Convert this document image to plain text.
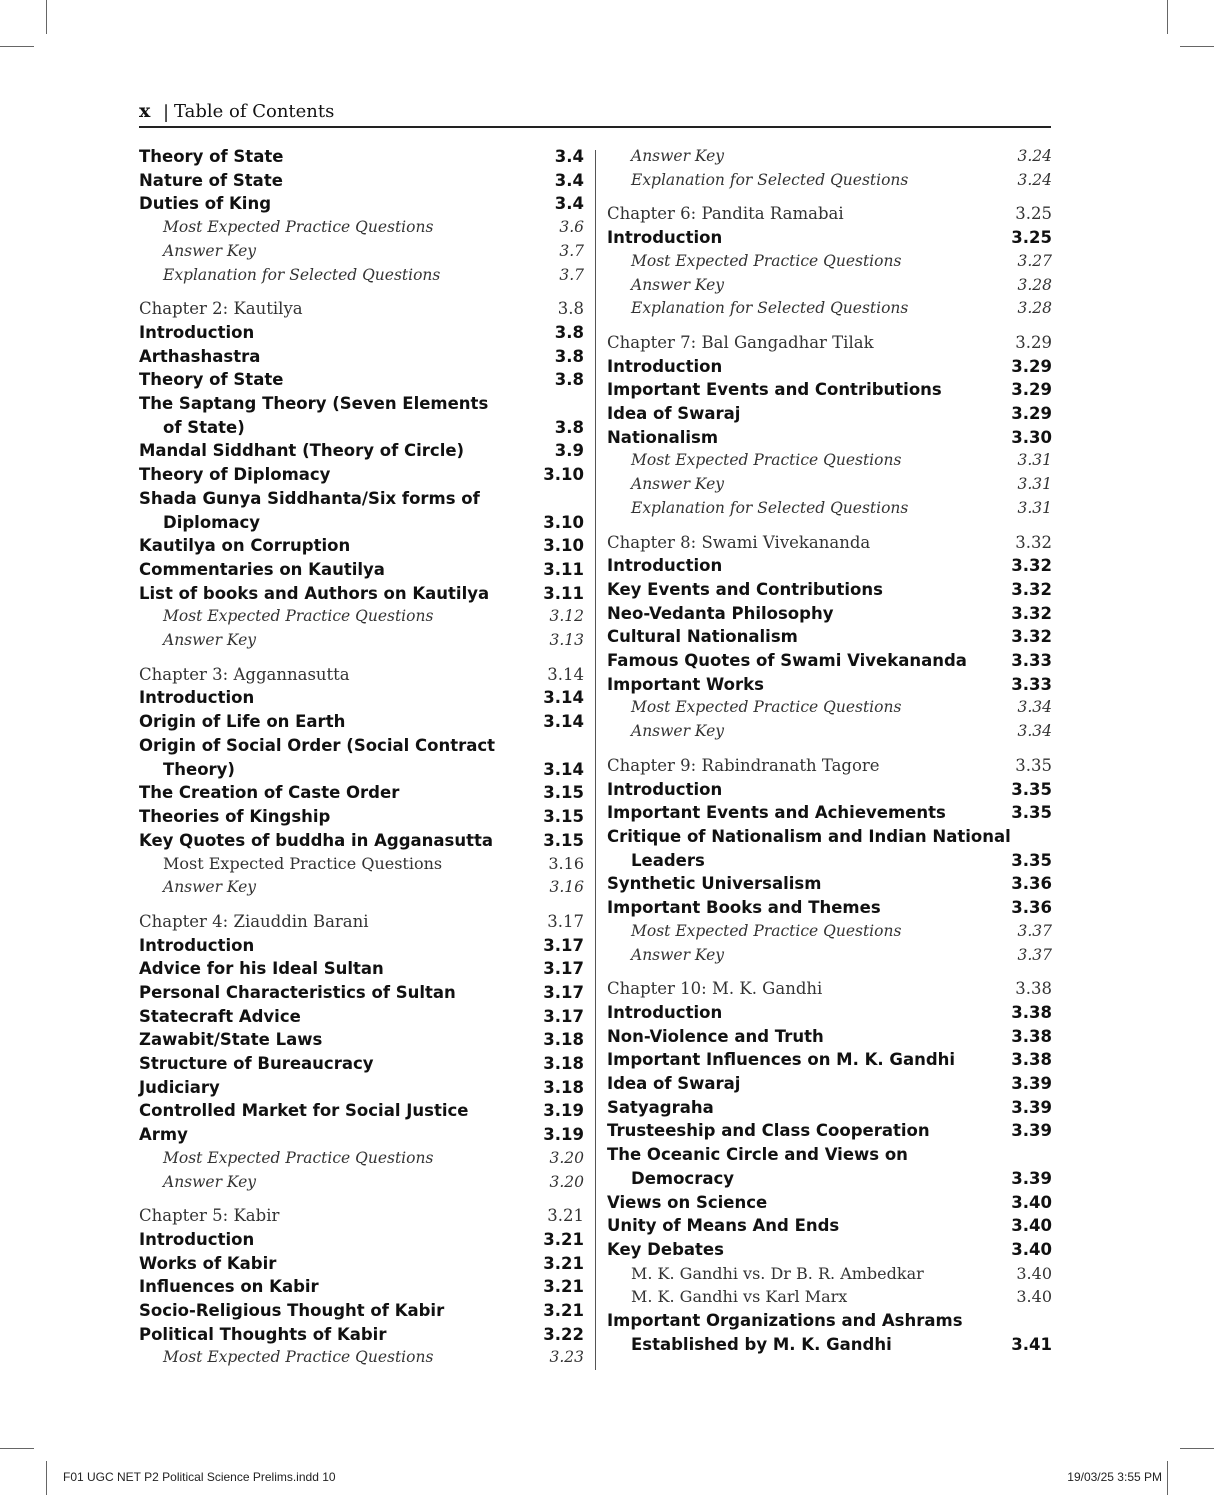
x | Table of Contents
Theory of State	3.4
Nature of State	3.4
Duties of King	3.4
Most Expected Practice Questions	3.6
Answer Key	3.7
Explanation for Selected Questions	3.7
Chapter 2: Kautilya	3.8
Introduction	3.8
Arthashastra	3.8
Theory of State	3.8
The Saptang Theory (Seven Elements
of State)	3.8
Mandal Siddhant (Theory of Circle)	3.9
Theory of Diplomacy	3.10
Shada Gunya Siddhanta/Six forms of
Diplomacy	3.10
Kautilya on Corruption	3.10
Commentaries on Kautilya	3.11
List of books and Authors on Kautilya	3.11
Most Expected Practice Questions	3.12
Answer Key	3.13
Chapter 3: Aggannasutta	3.14
Introduction	3.14
Origin of Life on Earth	3.14
Origin of Social Order (Social Contract
Theory)	3.14
The Creation of Caste Order	3.15
Theories of Kingship	3.15
Key Quotes of buddha in Agganasutta	3.15
Most Expected Practice Questions	3.16
Answer Key	3.16
Chapter 4: Ziauddin Barani	3.17
Introduction	3.17
Advice for his Ideal Sultan	3.17
Personal Characteristics of Sultan	3.17
Statecraft Advice	3.17
Zawabit/State Laws	3.18
Structure of Bureaucracy	3.18
Judiciary	3.18
Controlled Market for Social Justice	3.19
Army	3.19
Most Expected Practice Questions	3.20
Answer Key	3.20
Chapter 5: Kabir	3.21
Introduction	3.21
Works of Kabir	3.21
Influences on Kabir	3.21
Socio-Religious Thought of Kabir	3.21
Political Thoughts of Kabir	3.22
Most Expected Practice Questions	3.23
Answer Key	3.24
Explanation for Selected Questions	3.24
Chapter 6: Pandita Ramabai	3.25
Introduction	3.25
Most Expected Practice Questions	3.27
Answer Key	3.28
Explanation for Selected Questions	3.28
Chapter 7: Bal Gangadhar Tilak	3.29
Introduction	3.29
Important Events and Contributions	3.29
Idea of Swaraj	3.29
Nationalism	3.30
Most Expected Practice Questions	3.31
Answer Key	3.31
Explanation for Selected Questions	3.31
Chapter 8: Swami Vivekananda	3.32
Introduction	3.32
Key Events and Contributions	3.32
Neo-Vedanta Philosophy	3.32
Cultural Nationalism	3.32
Famous Quotes of Swami Vivekananda	3.33
Important Works	3.33
Most Expected Practice Questions	3.34
Answer Key	3.34
Chapter 9: Rabindranath Tagore	3.35
Introduction	3.35
Important Events and Achievements	3.35
Critique of Nationalism and Indian National
Leaders	3.35
Synthetic Universalism	3.36
Important Books and Themes	3.36
Most Expected Practice Questions	3.37
Answer Key	3.37
Chapter 10: M. K. Gandhi	3.38
Introduction	3.38
Non-Violence and Truth	3.38
Important Influences on M. K. Gandhi	3.38
Idea of Swaraj	3.39
Satyagraha	3.39
Trusteeship and Class Cooperation	3.39
The Oceanic Circle and Views on
Democracy	3.39
Views on Science	3.40
Unity of Means And Ends	3.40
Key Debates	3.40
M. K. Gandhi vs. Dr B. R. Ambedkar	3.40
M. K. Gandhi vs Karl Marx	3.40
Important Organizations and Ashrams
Established by M. K. Gandhi	3.41
F01 UGC NET P2 Political Science Prelims.indd 10	19/03/25 3:55 PM
